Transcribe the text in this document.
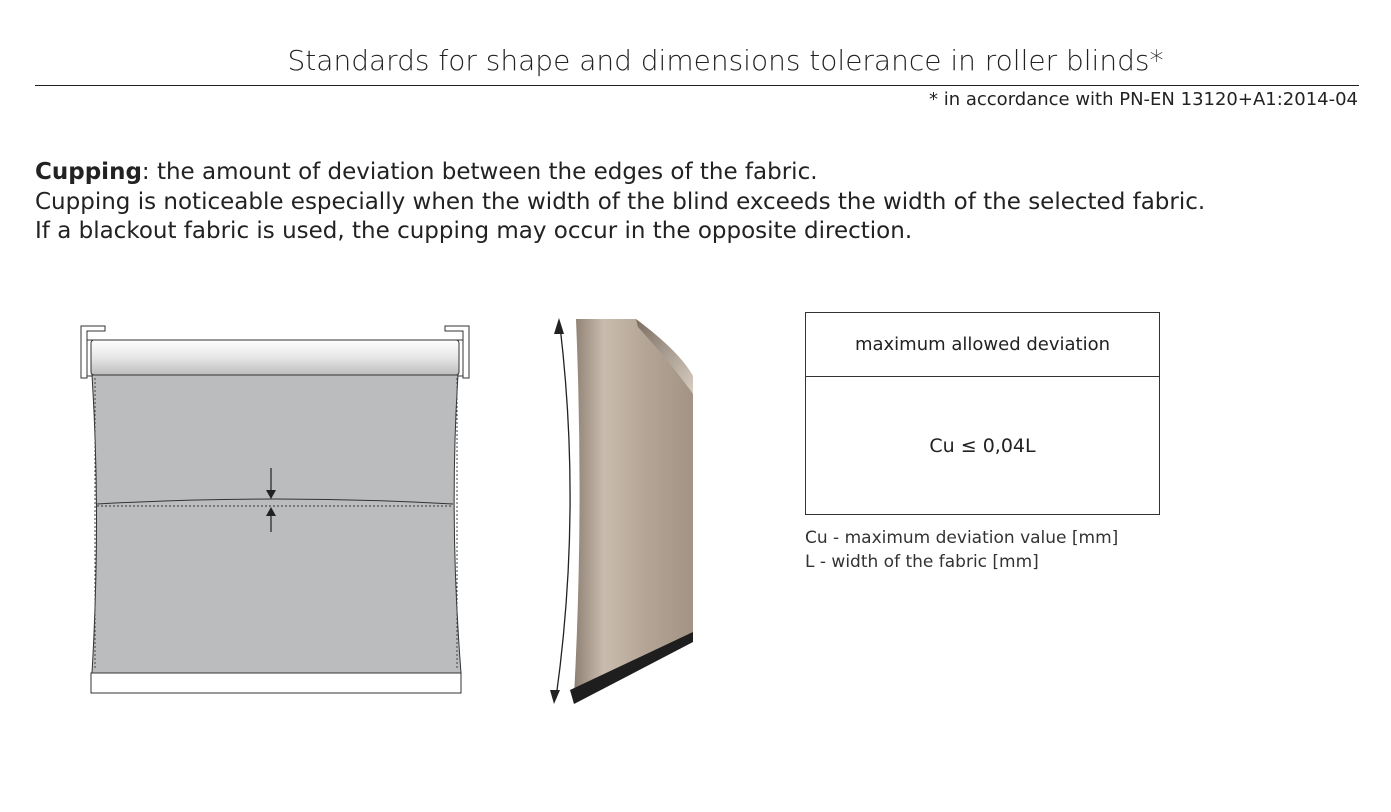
Standards for shape and dimensions tolerance in roller blinds*
* in accordance with PN-EN 13120+A1:2014-04
Cupping: the amount of deviation between the edges of the fabric.
Cupping is noticeable especially when the width of the blind exceeds the width of the selected fabric.
If a blackout fabric is used, the cupping may occur in the opposite direction.
maximum allowed deviation
Cu ≤ 0,04L
Cu - maximum deviation value [mm]
L - width of the fabric [mm]
